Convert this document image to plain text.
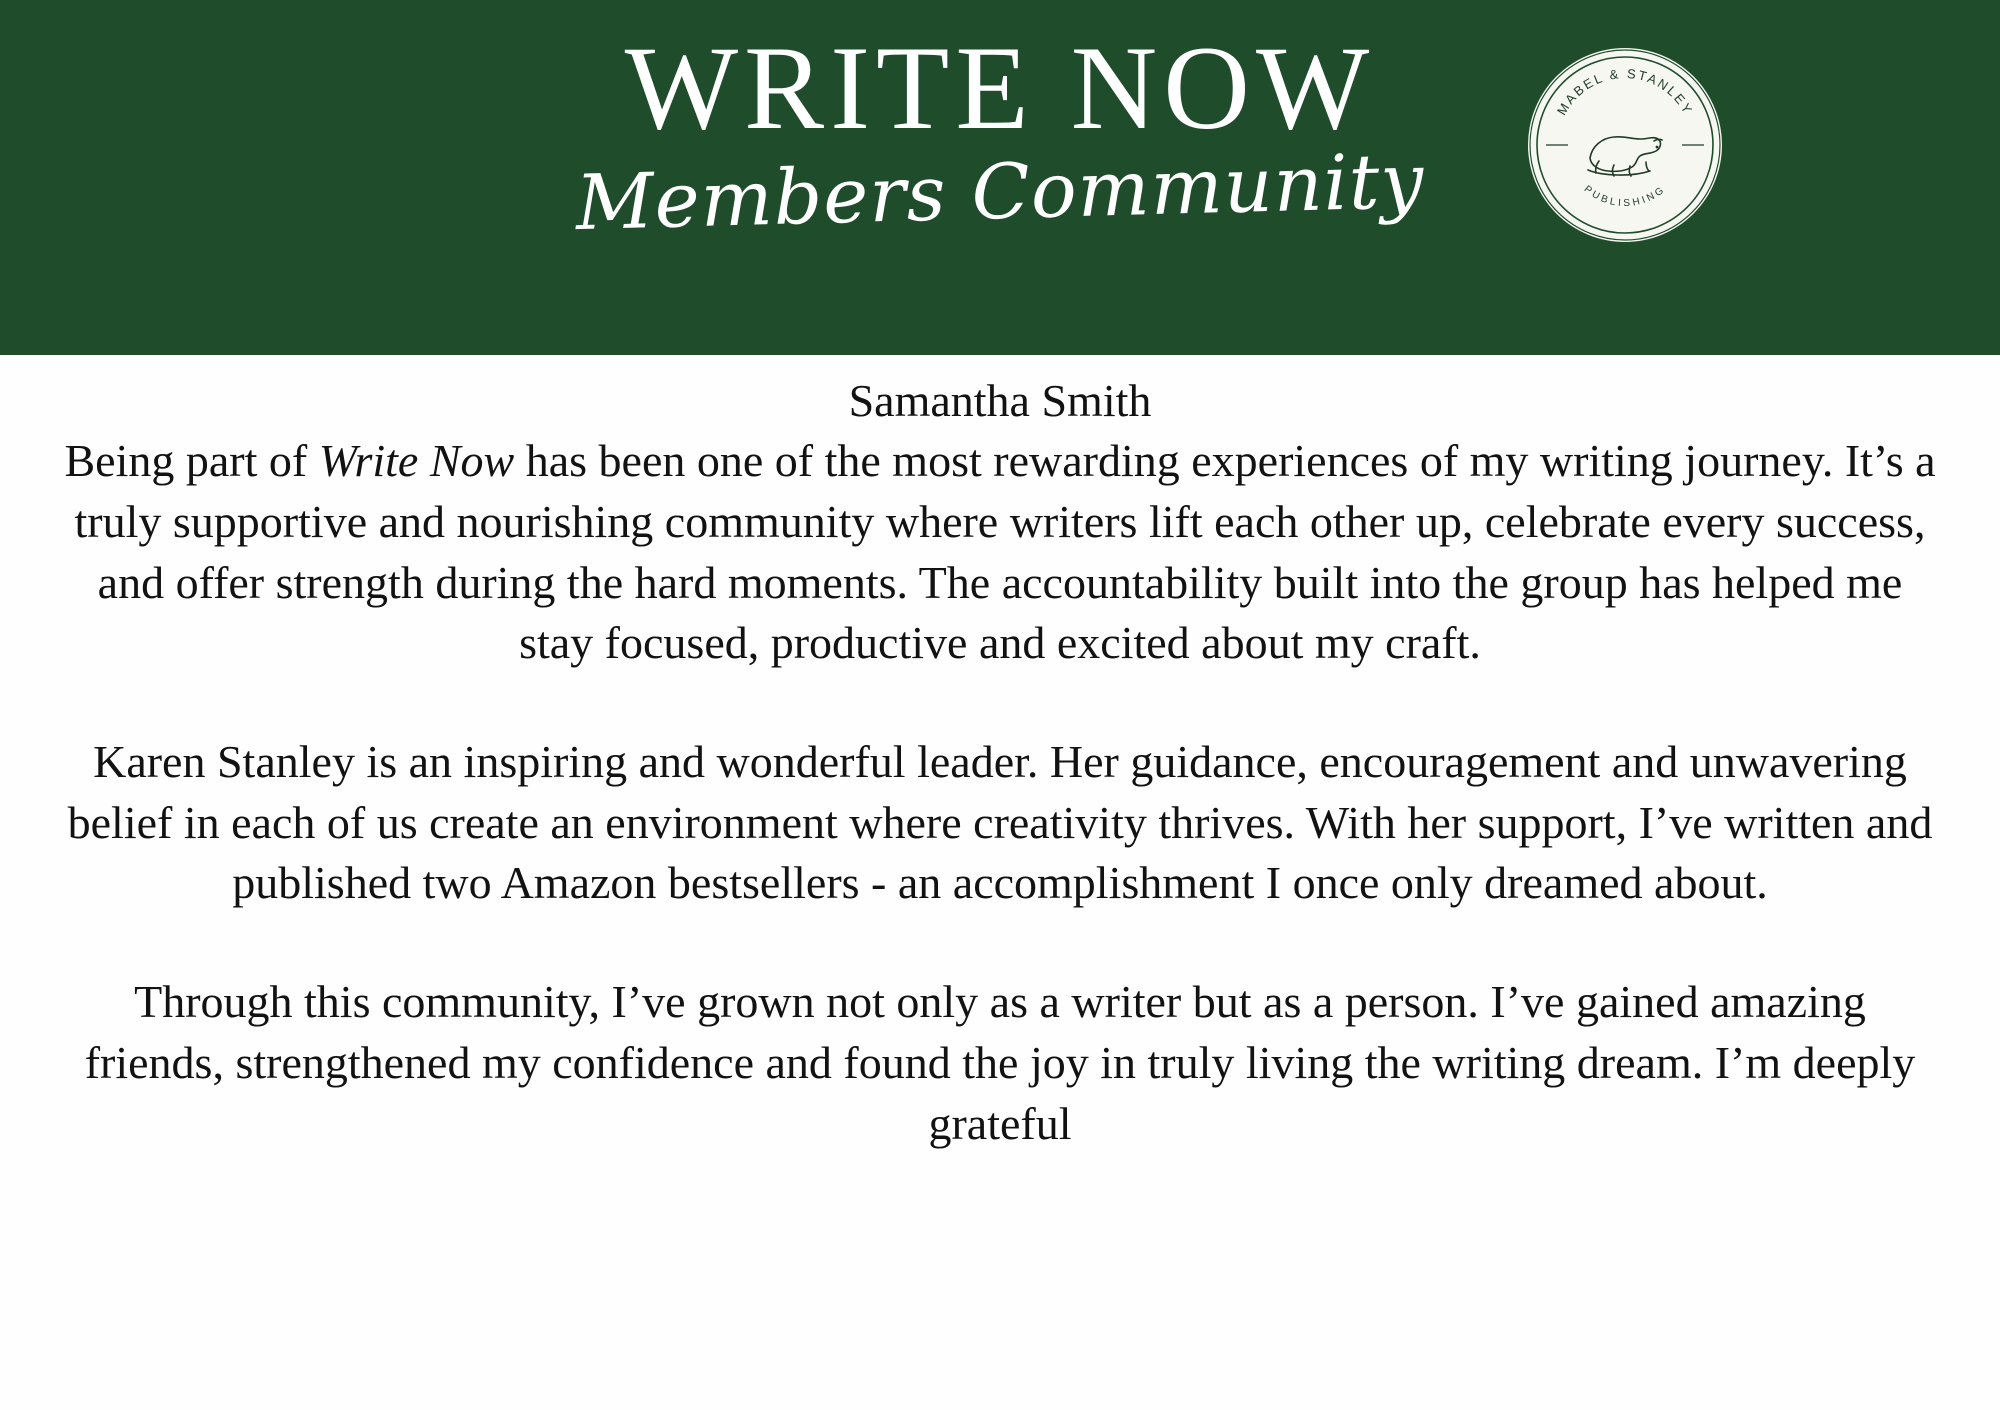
WRITE NOW
Members Community
MABEL & STANLEY
PUBLISHING
Samantha Smith

Being part of Write Now has been one of the most rewarding experiences of my writing journey. It’s a truly supportive and nourishing community where writers lift each other up, celebrate every success, and offer strength during the hard moments. The accountability built into the group has helped me stay focused, productive and excited about my craft.

Karen Stanley is an inspiring and wonderful leader. Her guidance, encouragement and unwavering belief in each of us create an environment where creativity thrives. With her support, I’ve written and published two Amazon bestsellers - an accomplishment I once only dreamed about.

Through this community, I’ve grown not only as a writer but as a person. I’ve gained amazing friends, strengthened my confidence and found the joy in truly living the writing dream. I’m deeply grateful
